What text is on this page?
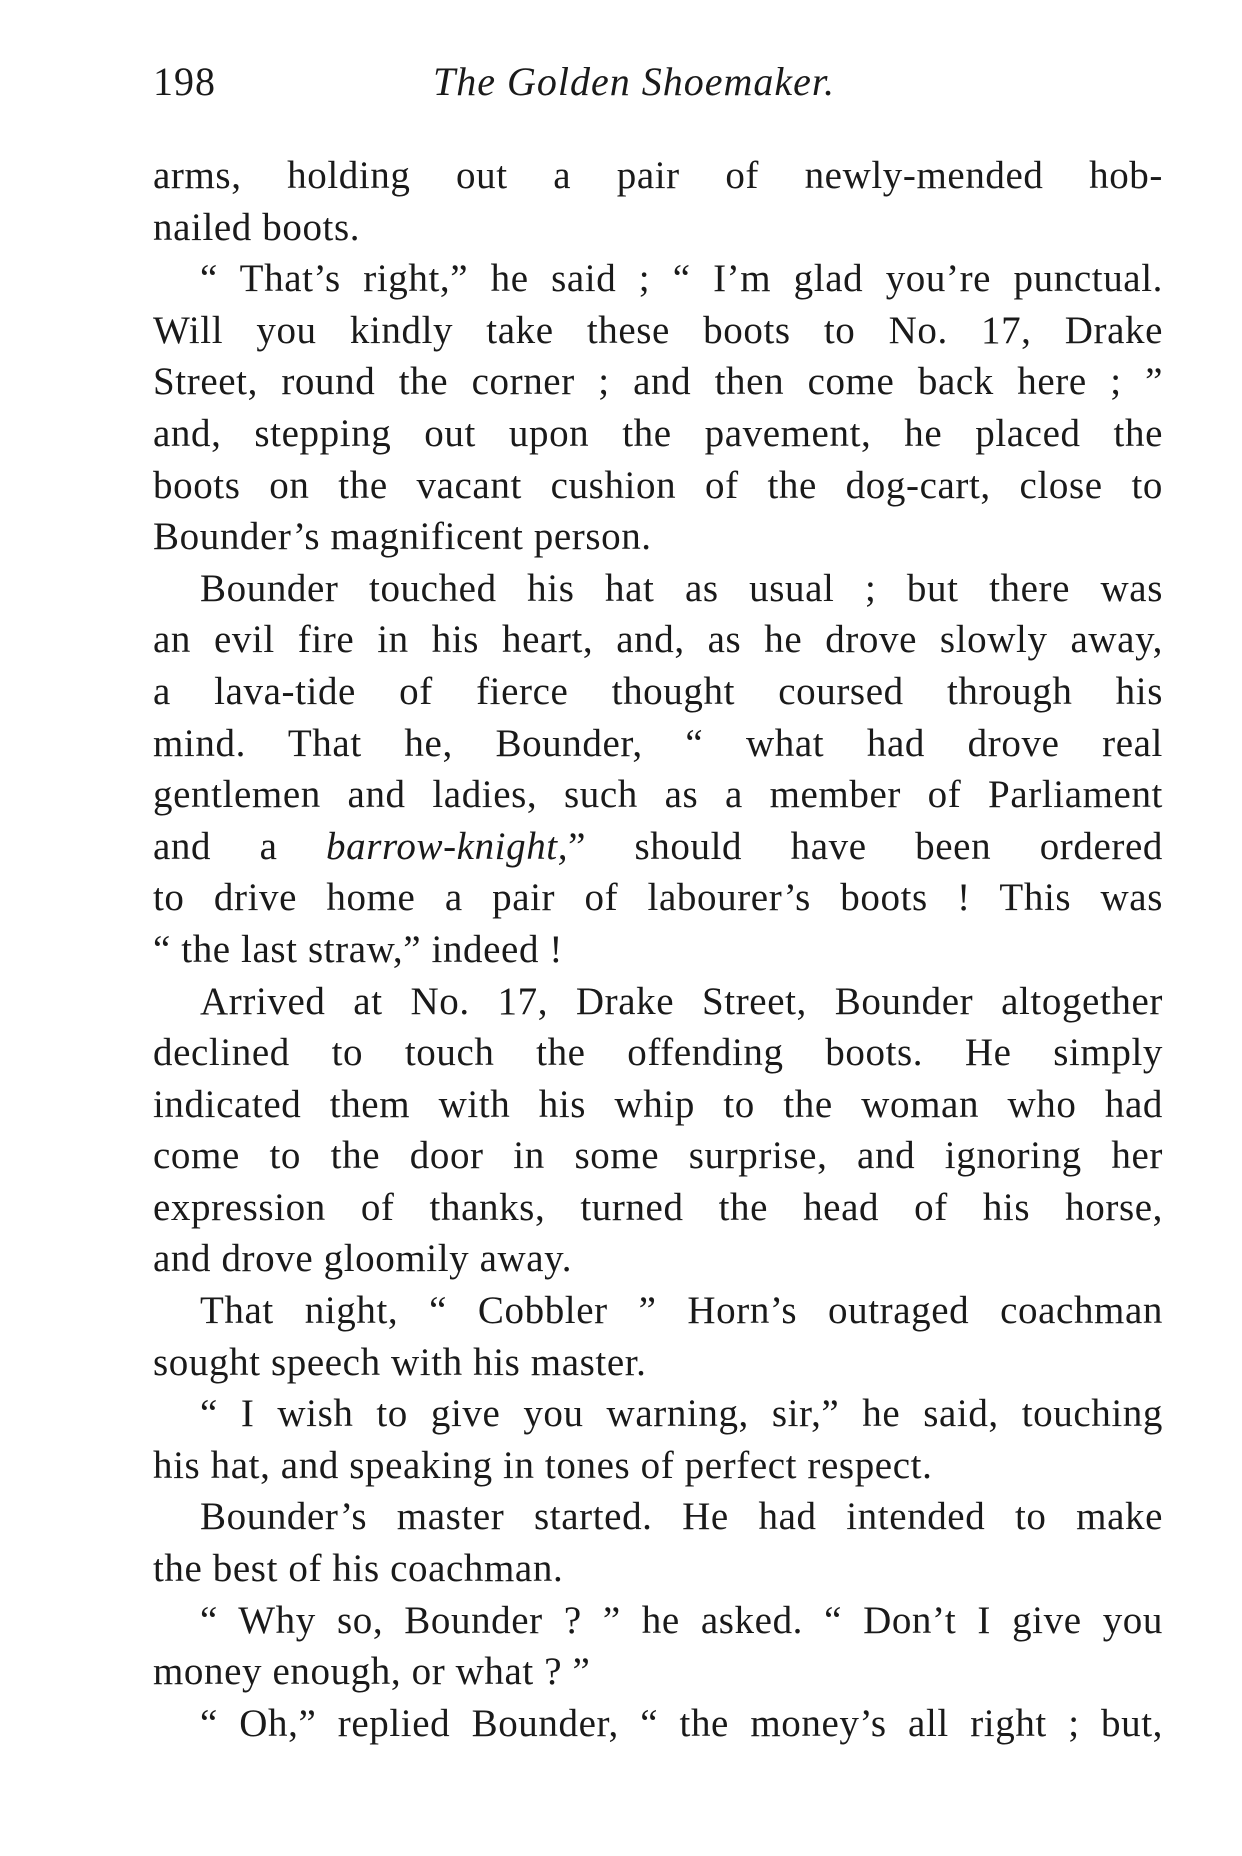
198	The Golden Shoemaker.
arms, holding out a pair of newly-mended hob-
nailed boots.
“ That’s right,” he said ; “ I’m glad you’re punctual.
Will you kindly take these boots to No. 17, Drake
Street, round the corner ; and then come back here ; ”
and, stepping out upon the pavement, he placed the
boots on the vacant cushion of the dog-cart, close to
Bounder’s magnificent person.
Bounder touched his hat as usual ; but there was
an evil fire in his heart, and, as he drove slowly away,
a lava-tide of fierce thought coursed through his
mind. That he, Bounder, “ what had drove real
gentlemen and ladies, such as a member of Parliament
and a barrow-knight,” should have been ordered
to drive home a pair of labourer’s boots ! This was
“ the last straw,” indeed !
Arrived at No. 17, Drake Street, Bounder altogether
declined to touch the offending boots. He simply
indicated them with his whip to the woman who had
come to the door in some surprise, and ignoring her
expression of thanks, turned the head of his horse,
and drove gloomily away.
That night, “ Cobbler ” Horn’s outraged coachman
sought speech with his master.
“ I wish to give you warning, sir,” he said, touching
his hat, and speaking in tones of perfect respect.
Bounder’s master started. He had intended to make
the best of his coachman.
“ Why so, Bounder ? ” he asked. “ Don’t I give you
money enough, or what ? ”
“ Oh,” replied Bounder, “ the money’s all right ; but,
